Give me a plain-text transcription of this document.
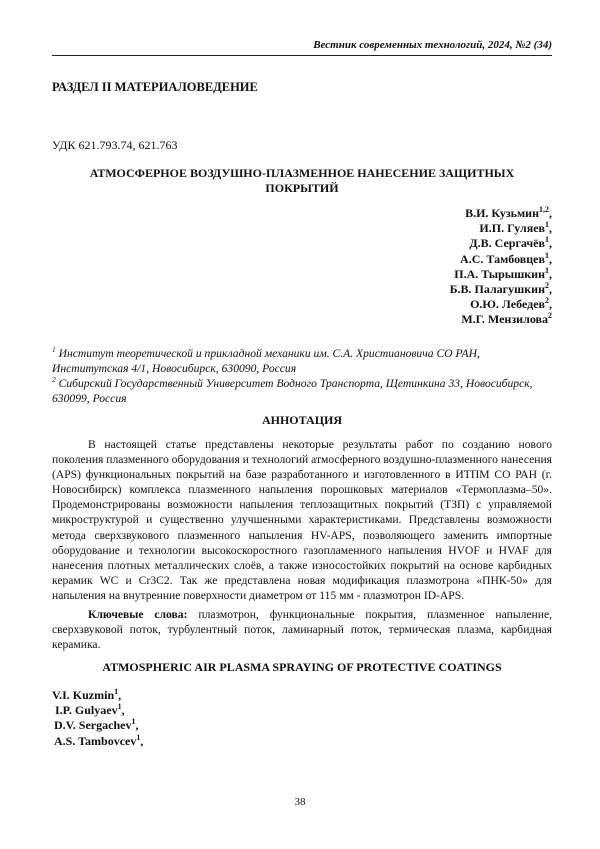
Вестник современных технологий, 2024, №2 (34)
РАЗДЕЛ II МАТЕРИАЛОВЕДЕНИЕ
УДК 621.793.74, 621.763
АТМОСФЕРНОЕ ВОЗДУШНО-ПЛАЗМЕННОЕ НАНЕСЕНИЕ ЗАЩИТНЫХ
ПОКРЫТИЙ
В.И. Кузьмин$^{1,2}$,
И.П. Гуляев$^1$,
Д.В. Сергачёв$^1$,
А.С. Тамбовцев$^1$,
П.А. Тырышкин$^1$,
Б.В. Палагушкин$^2$,
О.Ю. Лебедев$^2$,
М.Г. Мензилова$^2$
$^1$ Институт теоретической и прикладной механики им. С.А. Христиановича СО РАН, Институтская 4/1, Новосибирск, 630090, Россия
$^2$ Сибирский Государственный Университет Водного Транспорта, Щетинкина 33, Новосибирск, 630099, Россия
АННОТАЦИЯ

В настоящей статье представлены некоторые результаты работ по созданию нового поколения плазменного оборудования и технологий атмосферного воздушно-плазменного нанесения (APS) функциональных покрытий на базе разработанного и изготовленного в ИТПМ СО РАН (г. Новосибирск) комплекса плазменного напыления порошковых материалов «Термоплазма–50». Продемонстрированы возможности напыления теплозащитных покрытий (ТЗП) с управляемой микроструктурой и существенно улучшенными характеристиками. Представлены возможности метода сверхзвукового плазменного напыления HV-APS, позволяющего заменить импортные оборудование и технологии высокоскоростного газопламенного напыления HVOF и HVAF для нанесения плотных металлических слоёв, а также износостойких покрытий на основе карбидных керамик WC и Cr3C2. Так же представлена новая модификация плазмотрона «ПНК-50» для напыления на внутренние поверхности диаметром от 115 мм - плазмотрон ID-APS.

Ключевые слова: плазмотрон, функциональные покрытия, плазменное напыление, сверхзвуковой поток, турбулентный поток, ламинарный поток, термическая плазма, карбидная керамика.

ATMOSPHERIC AIR PLASMA SPRAYING OF PROTECTIVE COATINGS
V.I. Kuzmin$^1$,
I.P. Gulyaev$^1$,
D.V. Sergachev$^1$,
A.S. Tambovcev$^1$,
38
